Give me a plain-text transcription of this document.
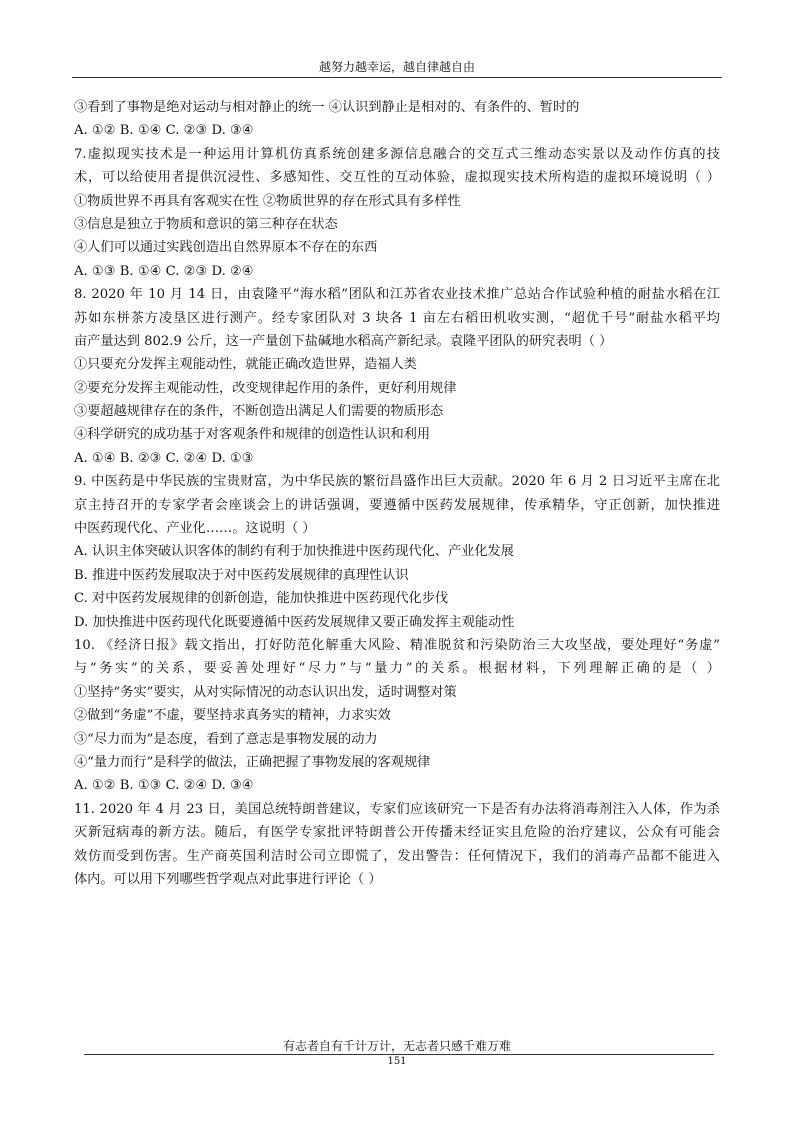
越努力越幸运，越自律越自由
③看到了事物是绝对运动与相对静止的统一 ④认识到静止是相对的、有条件的、暂时的
A. ①② B. ①④ C. ②③ D. ③④
7.虚拟现实技术是一种运用计算机仿真系统创建多源信息融合的交互式三维动态实景以及动作仿真的技
术，可以给使用者提供沉浸性、多感知性、交互性的互动体验，虚拟现实技术所构造的虚拟环境说明（ ）
①物质世界不再具有客观实在性 ②物质世界的存在形式具有多样性
③信息是独立于物质和意识的第三种存在状态
④人们可以通过实践创造出自然界原本不存在的东西
A. ①③ B. ①④ C. ②③ D. ②④
8. 2020 年 10 月 14 日，由袁隆平“海水稻”团队和江苏省农业技术推广总站合作试验种植的耐盐水稻在江
苏如东栟茶方凌垦区进行测产。经专家团队对 3 块各 1 亩左右稻田机收实测，“超优千号”耐盐水稻平均
亩产量达到 802.9 公斤，这一产量创下盐碱地水稻高产新纪录。袁隆平团队的研究表明（ ）
①只要充分发挥主观能动性，就能正确改造世界，造福人类
②要充分发挥主观能动性，改变规律起作用的条件，更好利用规律
③要超越规律存在的条件，不断创造出满足人们需要的物质形态
④科学研究的成功基于对客观条件和规律的创造性认识和利用
A. ①④ B. ②③ C. ②④ D. ①③
9. 中医药是中华民族的宝贵财富，为中华民族的繁衍昌盛作出巨大贡献。2020 年 6 月 2 日习近平主席在北
京主持召开的专家学者会座谈会上的讲话强调，要遵循中医药发展规律，传承精华，守正创新，加快推进
中医药现代化、产业化……。这说明（ ）
A. 认识主体突破认识客体的制约有利于加快推进中医药现代化、产业化发展
B. 推进中医药发展取决于对中医药发展规律的真理性认识
C. 对中医药发展规律的创新创造，能加快推进中医药现代化步伐
D. 加快推进中医药现代化既要遵循中医药发展规律又要正确发挥主观能动性
10. 《经济日报》载文指出，打好防范化解重大风险、精准脱贫和污染防治三大攻坚战，要处理好“务虚”
与“务实”的关系，要妥善处理好“尽力”与“量力”的关系。根据材料，下列理解正确的是（ ）
①坚持“务实”要实，从对实际情况的动态认识出发，适时调整对策
②做到“务虚”不虚，要坚持求真务实的精神，力求实效
③“尽力而为”是态度，看到了意志是事物发展的动力
④“量力而行”是科学的做法，正确把握了事物发展的客观规律
A. ①② B. ①③ C. ②④ D. ③④
11. 2020 年 4 月 23 日，美国总统特朗普建议，专家们应该研究一下是否有办法将消毒剂注入人体，作为杀
灭新冠病毒的新方法。随后，有医学专家批评特朗普公开传播未经证实且危险的治疗建议，公众有可能会
效仿而受到伤害。生产商英国利洁时公司立即慌了，发出警告：任何情况下，我们的消毒产品都不能进入
体内。可以用下列哪些哲学观点对此事进行评论（ ）
有志者自有千计万计，无志者只感千难万难
151
